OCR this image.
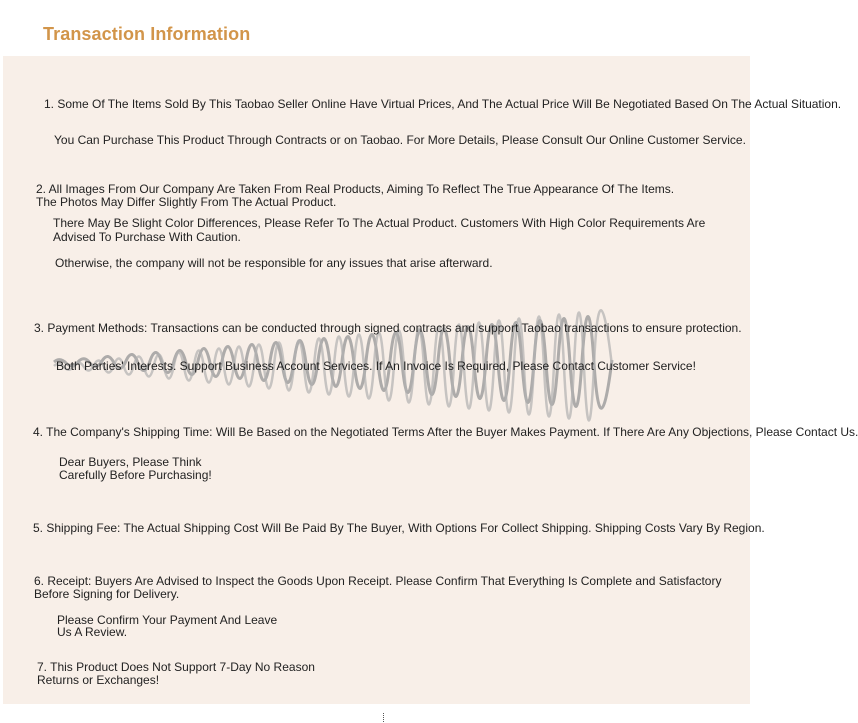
Transaction Information
1. Some Of The Items Sold By This Taobao Seller Online Have Virtual Prices, And The Actual Price Will Be Negotiated Based On The Actual Situation.
You Can Purchase This Product Through Contracts or on Taobao. For More Details, Please Consult Our Online Customer Service.
2. All Images From Our Company Are Taken From Real Products, Aiming To Reflect The True Appearance Of The Items.
The Photos May Differ Slightly From The Actual Product.
There May Be Slight Color Differences, Please Refer To The Actual Product. Customers With High Color Requirements Are
Advised To Purchase With Caution.
Otherwise, the company will not be responsible for any issues that arise afterward.
3. Payment Methods: Transactions can be conducted through signed contracts and support Taobao transactions to ensure protection.
Both Parties' Interests. Support Business Account Services. If An Invoice Is Required, Please Contact Customer Service!
4. The Company's Shipping Time: Will Be Based on the Negotiated Terms After the Buyer Makes Payment. If There Are Any Objections, Please Contact Us.
Dear Buyers, Please Think
Carefully Before Purchasing!
5. Shipping Fee: The Actual Shipping Cost Will Be Paid By The Buyer, With Options For Collect Shipping. Shipping Costs Vary By Region.
6. Receipt: Buyers Are Advised to Inspect the Goods Upon Receipt. Please Confirm That Everything Is Complete and Satisfactory
Before Signing for Delivery.
Please Confirm Your Payment And Leave
Us A Review.
7. This Product Does Not Support 7-Day No Reason
Returns or Exchanges!
